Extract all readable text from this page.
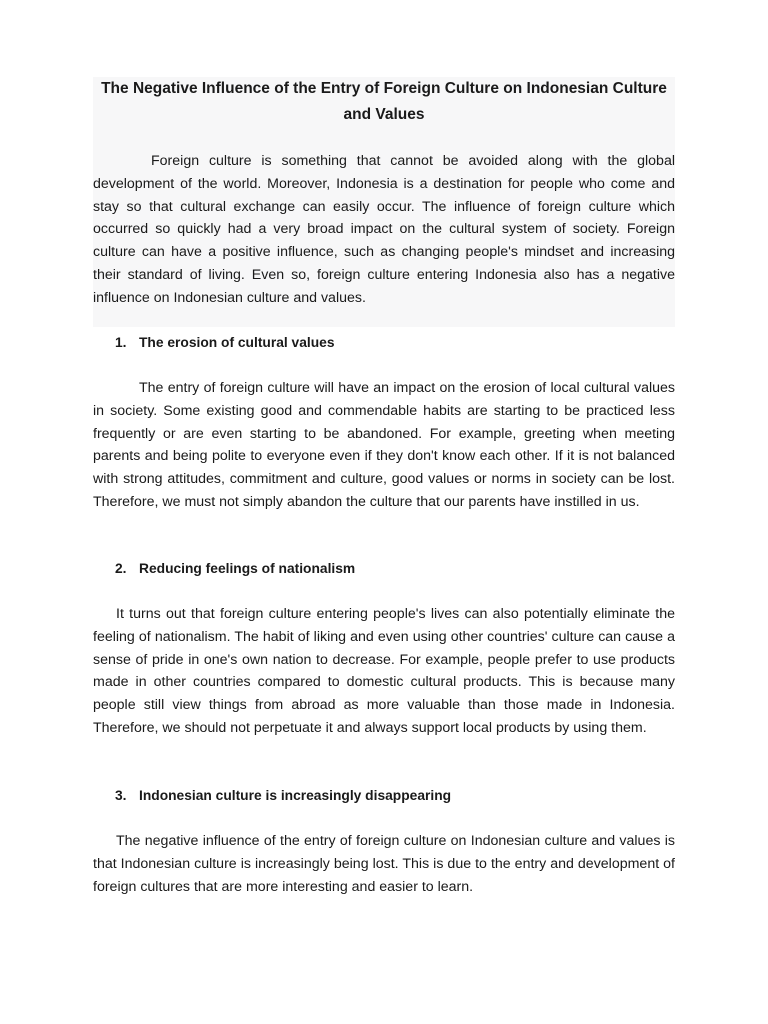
The Negative Influence of the Entry of Foreign Culture on Indonesian Culture and Values

Foreign culture is something that cannot be avoided along with the global development of the world. Moreover, Indonesia is a destination for people who come and stay so that cultural exchange can easily occur. The influence of foreign culture which occurred so quickly had a very broad impact on the cultural system of society. Foreign culture can have a positive influence, such as changing people's mindset and increasing their standard of living. Even so, foreign culture entering Indonesia also has a negative influence on Indonesian culture and values.

1. The erosion of cultural values

The entry of foreign culture will have an impact on the erosion of local cultural values in society. Some existing good and commendable habits are starting to be practiced less frequently or are even starting to be abandoned. For example, greeting when meeting parents and being polite to everyone even if they don't know each other. If it is not balanced with strong attitudes, commitment and culture, good values or norms in society can be lost. Therefore, we must not simply abandon the culture that our parents have instilled in us.

2. Reducing feelings of nationalism

It turns out that foreign culture entering people's lives can also potentially eliminate the feeling of nationalism. The habit of liking and even using other countries' culture can cause a sense of pride in one's own nation to decrease. For example, people prefer to use products made in other countries compared to domestic cultural products. This is because many people still view things from abroad as more valuable than those made in Indonesia. Therefore, we should not perpetuate it and always support local products by using them.

3. Indonesian culture is increasingly disappearing

The negative influence of the entry of foreign culture on Indonesian culture and values is that Indonesian culture is increasingly being lost. This is due to the entry and development of foreign cultures that are more interesting and easier to learn.
